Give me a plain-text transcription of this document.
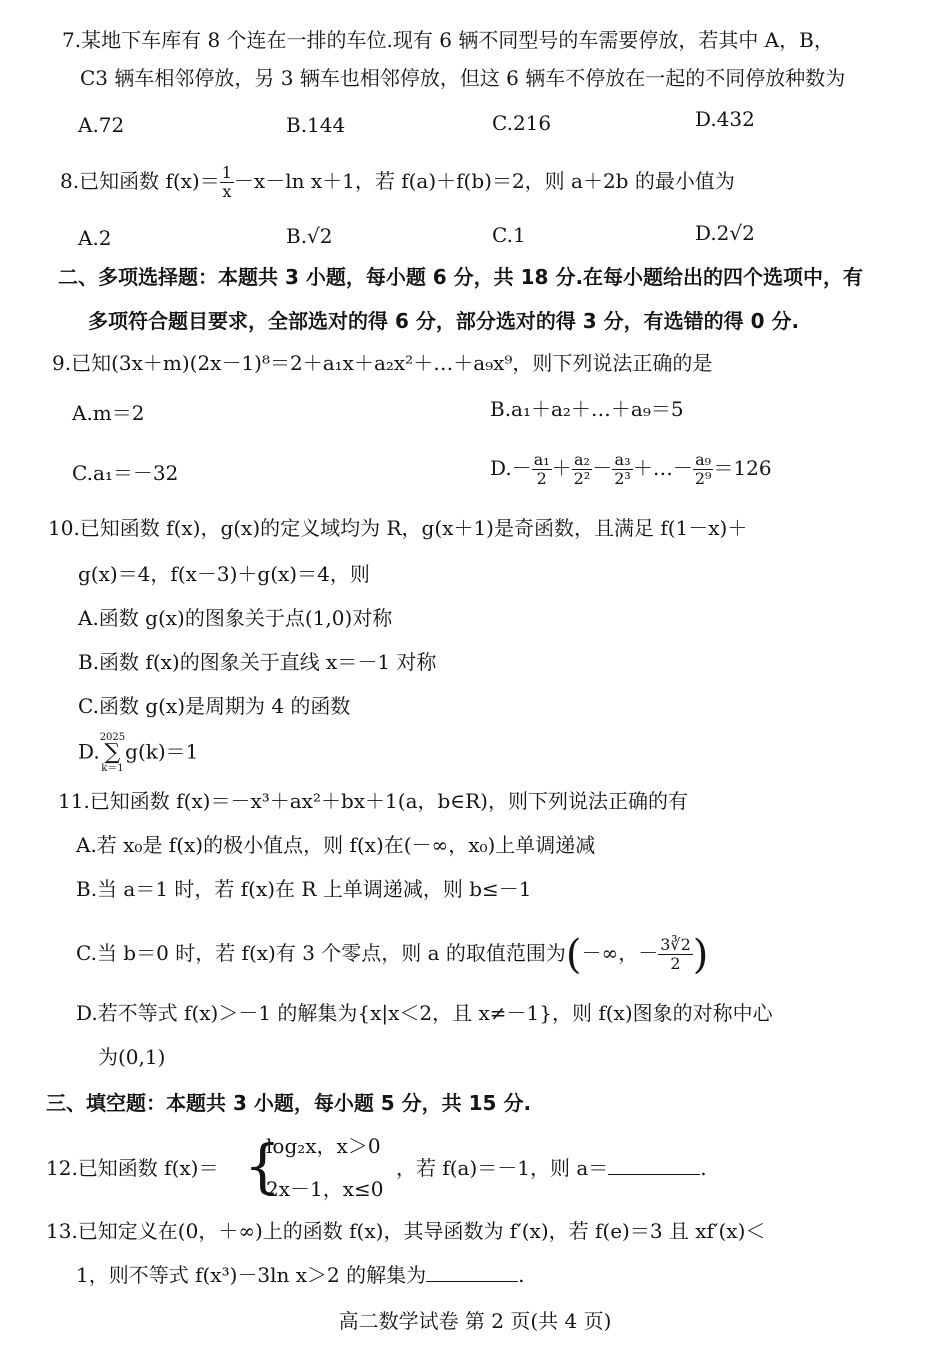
7.某地下车库有 8 个连在一排的车位.现有 6 辆不同型号的车需要停放，若其中 A，B，
C3 辆车相邻停放，另 3 辆车也相邻停放，但这 6 辆车不停放在一起的不同停放种数为
A.72	B.144	C.216	D.432
8.已知函数 $f(x)= \frac{1}{x} -x-\ln$ x＋1，若 f(a)＋f(b)＝2，则 a＋2b 的最小值为
A.2	B.√2	C.1	D.2√2
二、多项选择题：本题共 3 小题，每小题 6 分，共 18 分.在每小题给出的四个选项中，有
多项符合题目要求，全部选对的得 6 分，部分选对的得 3 分，有选错的得 0 分.
9.已知(3x＋m)(2x－1)⁸＝2＋a₁x＋a₂x²＋…＋a₉x⁹，则下列说法正确的是
A.m＝2	B.a₁＋a₂＋…＋a₉＝5
C.a₁＝－32	$D.- \frac{\text{a₁}}{2} + \frac{\text{a₂}}{\text{2²}} - \frac{\text{a₃}}{\text{2³}}$ ＋…－ $\frac{\text{a₉}}{\text{2⁹}} =126$
10.已知函数 f(x)，g(x)的定义域均为 R，g(x＋1)是奇函数，且满足 f(1－x)＋
g(x)＝4，f(x－3)＋g(x)＝4，则
A.函数 g(x)的图象关于点(1,0)对称
B.函数 f(x)的图象关于直线 x＝－1 对称
C.函数 g(x)是周期为 4 的函数
D.
2025
∑
k＝1
g(k)＝1
11.已知函数 f(x)＝－x³＋ax²＋bx＋1(a，b∈R)，则下列说法正确的有
A.若 x₀是 f(x)的极小值点，则 f(x)在(－∞，x₀)上单调递减
B.当 a＝1 时，若 f(x)在 R 上单调递减，则 b≤－1
C.当 b＝0 时，若 f(x)有 3 个零点，则 a 的取值范围为(－∞，－ $\frac{3∛2}{2}$ )
D.若不等式 f(x)＞－1 的解集为{x|x＜2，且 x≠－1}，则 f(x)图象的对称中心
为(0,1)
三、填空题：本题共 3 小题，每小题 5 分，共 15 分.
12.已知函数 f(x)＝ {
log₂x，x＞0
2x－1，x≤0
，若 f(a)＝－1，则 a＝	.
13.已知定义在(0，＋∞)上的函数 f(x)，其导函数为 f′(x)，若 f(e)＝3 且 xf′(x)＜
1，则不等式 f(x³)－3ln x＞2 的解集为	.
高二数学试卷 第 2 页(共 4 页)
